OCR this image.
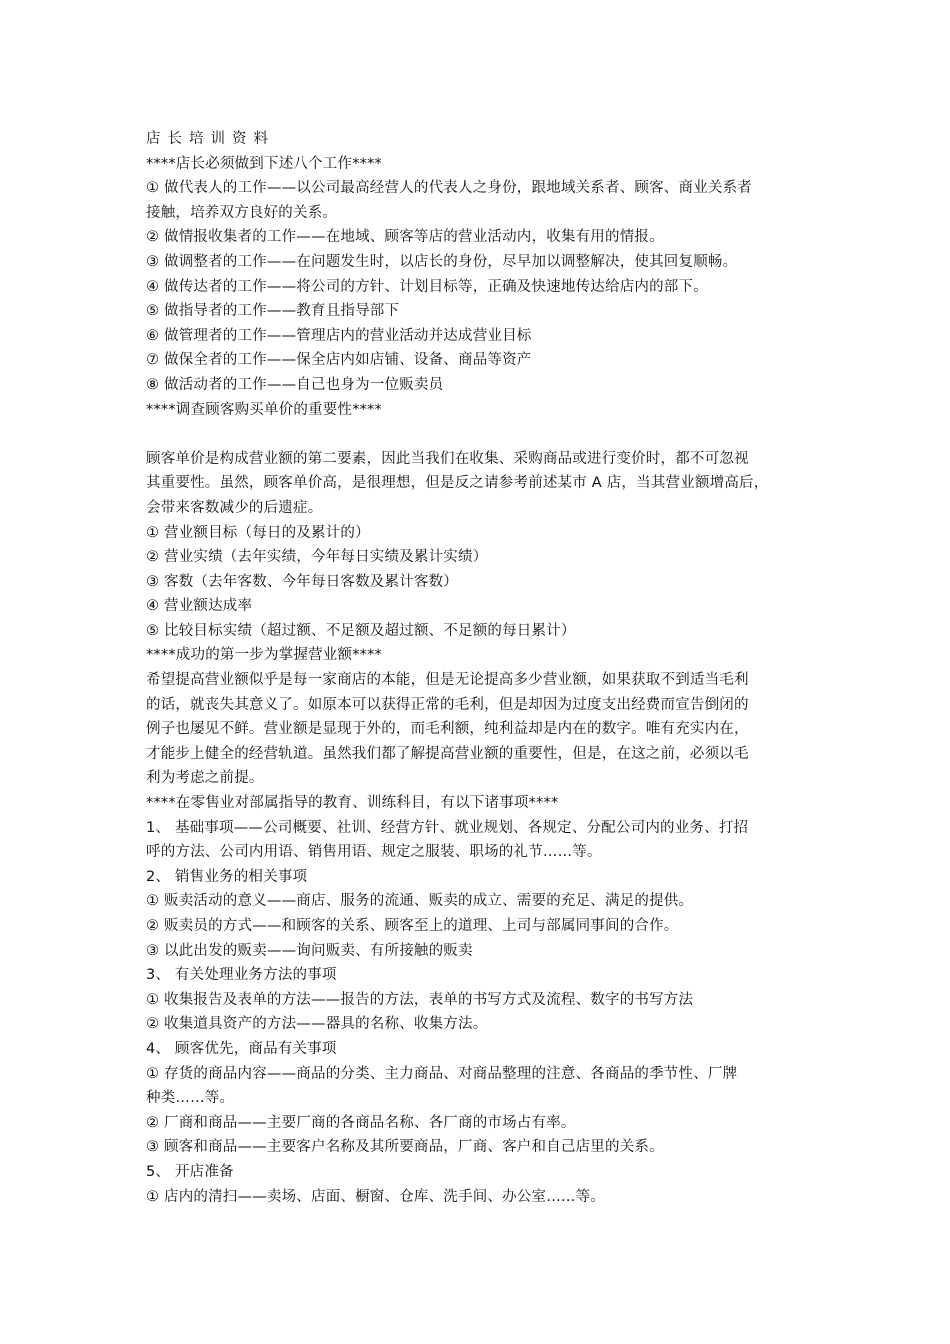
店长培训资料
****店长必须做到下述八个工作****
① 做代表人的工作——以公司最高经营人的代表人之身份，跟地域关系者、顾客、商业关系者
接触，培养双方良好的关系。
② 做情报收集者的工作——在地域、顾客等店的营业活动内，收集有用的情报。
③ 做调整者的工作——在问题发生时，以店长的身份，尽早加以调整解决，使其回复顺畅。
④ 做传达者的工作——将公司的方针、计划目标等，正确及快速地传达给店内的部下。
⑤ 做指导者的工作——教育且指导部下
⑥ 做管理者的工作——管理店内的营业活动并达成营业目标
⑦ 做保全者的工作——保全店内如店铺、设备、商品等资产
⑧ 做活动者的工作——自己也身为一位贩卖员
****调查顾客购买单价的重要性****
顾客单价是构成营业额的第二要素，因此当我们在收集、采购商品或进行变价时，都不可忽视
其重要性。虽然，顾客单价高，是很理想，但是反之请参考前述某市 A 店，当其营业额增高后，
会带来客数减少的后遗症。
① 营业额目标（每日的及累计的）
② 营业实绩（去年实绩，今年每日实绩及累计实绩）
③ 客数（去年客数、今年每日客数及累计客数）
④ 营业额达成率
⑤ 比较目标实绩（超过额、不足额及超过额、不足额的每日累计）
****成功的第一步为掌握营业额****
希望提高营业额似乎是每一家商店的本能，但是无论提高多少营业额，如果获取不到适当毛利
的话，就丧失其意义了。如原本可以获得正常的毛利，但是却因为过度支出经费而宣告倒闭的
例子也屡见不鲜。营业额是显现于外的，而毛利额，纯利益却是内在的数字。唯有充实内在，
才能步上健全的经营轨道。虽然我们都了解提高营业额的重要性，但是，在这之前，必须以毛
利为考虑之前提。
****在零售业对部属指导的教育、训练科目，有以下诸事项****
1、 基础事项——公司概要、社训、经营方针、就业规划、各规定、分配公司内的业务、打招
呼的方法、公司内用语、销售用语、规定之服装、职场的礼节……等。
2、 销售业务的相关事项
① 贩卖活动的意义——商店、服务的流通、贩卖的成立、需要的充足、满足的提供。
② 贩卖员的方式——和顾客的关系、顾客至上的道理、上司与部属同事间的合作。
③ 以此出发的贩卖——询问贩卖、有所接触的贩卖
3、 有关处理业务方法的事项
① 收集报告及表单的方法——报告的方法，表单的书写方式及流程、数字的书写方法
② 收集道具资产的方法——器具的名称、收集方法。
4、 顾客优先，商品有关事项
① 存货的商品内容——商品的分类、主力商品、对商品整理的注意、各商品的季节性、厂牌
种类……等。
② 厂商和商品——主要厂商的各商品名称、各厂商的市场占有率。
③ 顾客和商品——主要客户名称及其所要商品，厂商、客户和自己店里的关系。
5、 开店准备
① 店内的清扫——卖场、店面、橱窗、仓库、洗手间、办公室……等。
